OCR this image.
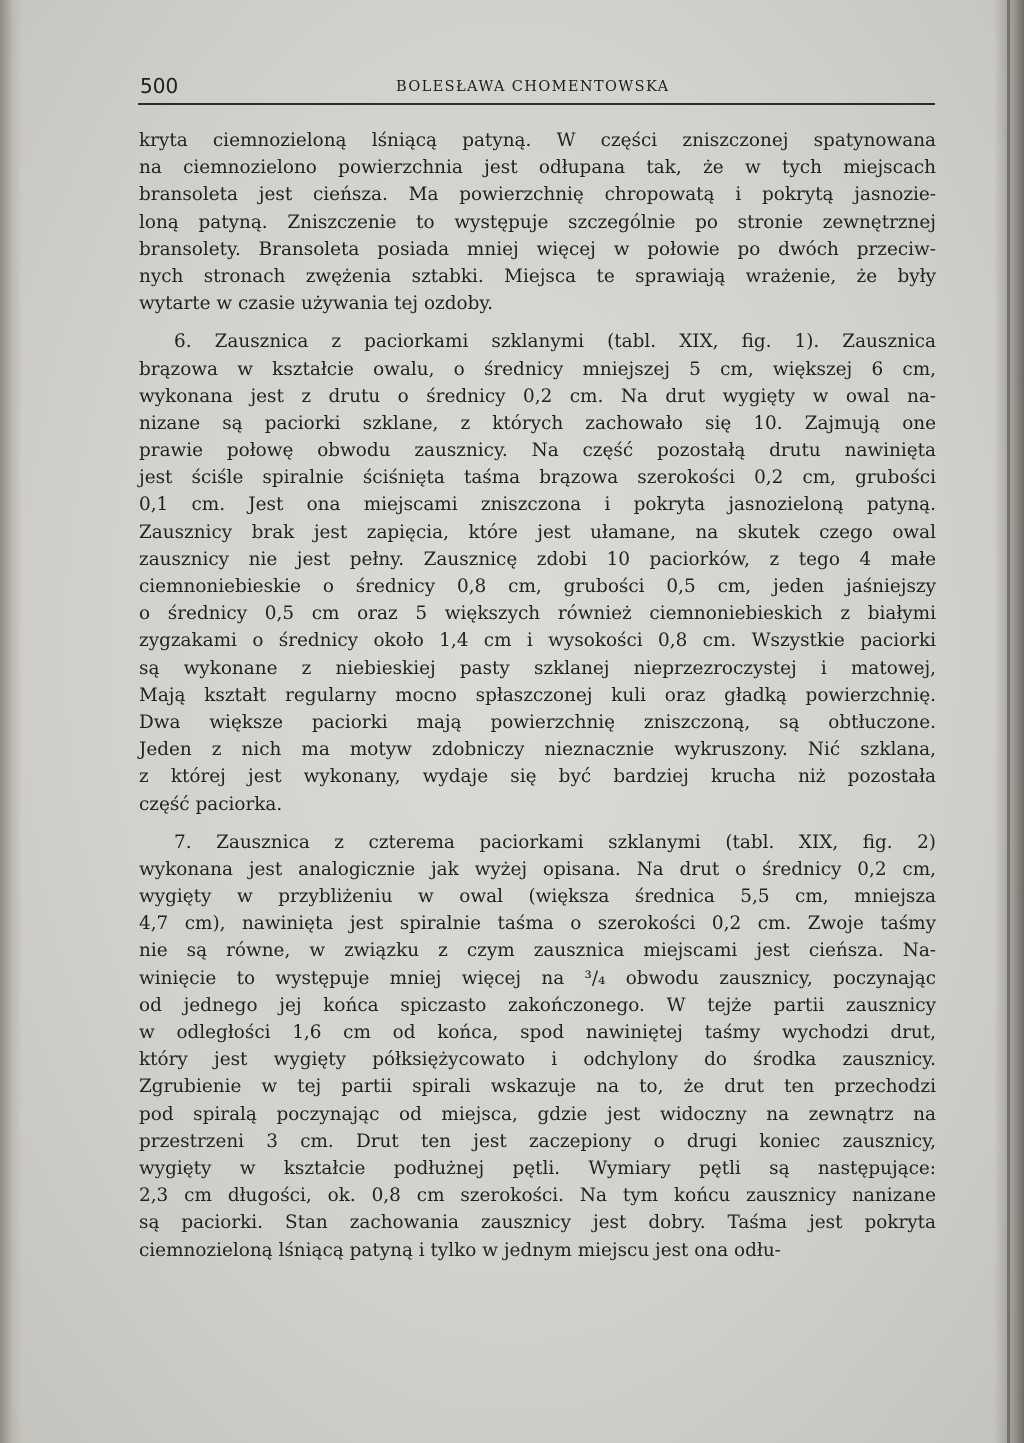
500	BOLESŁAWA CHOMENTOWSKA
kryta ciemnozieloną lśniącą patyną. W części zniszczonej spatynowana
na ciemnozielono powierzchnia jest odłupana tak, że w tych miejscach
bransoleta jest cieńsza. Ma powierzchnię chropowatą i pokrytą jasnozie-
loną patyną. Zniszczenie to występuje szczególnie po stronie zewnętrznej
bransolety. Bransoleta posiada mniej więcej w połowie po dwóch przeciw-
nych stronach zwężenia sztabki. Miejsca te sprawiają wrażenie, że były
wytarte w czasie używania tej ozdoby.
6. Zausznica z paciorkami szklanymi (tabl. XIX, fig. 1). Zausznica
brązowa w kształcie owalu, o średnicy mniejszej 5 cm, większej 6 cm,
wykonana jest z drutu o średnicy 0,2 cm. Na drut wygięty w owal na-
nizane są paciorki szklane, z których zachowało się 10. Zajmują one
prawie połowę obwodu zausznicy. Na część pozostałą drutu nawinięta
jest ściśle spiralnie ściśnięta taśma brązowa szerokości 0,2 cm, grubości
0,1 cm. Jest ona miejscami zniszczona i pokryta jasnozieloną patyną.
Zausznicy brak jest zapięcia, które jest ułamane, na skutek czego owal
zausznicy nie jest pełny. Zausznicę zdobi 10 paciorków, z tego 4 małe
ciemnoniebieskie o średnicy 0,8 cm, grubości 0,5 cm, jeden jaśniejszy
o średnicy 0,5 cm oraz 5 większych również ciemnoniebieskich z białymi
zygzakami o średnicy około 1,4 cm i wysokości 0,8 cm. Wszystkie paciorki
są wykonane z niebieskiej pasty szklanej nieprzezroczystej i matowej,
Mają kształt regularny mocno spłaszczonej kuli oraz gładką powierzchnię.
Dwa większe paciorki mają powierzchnię zniszczoną, są obtłuczone.
Jeden z nich ma motyw zdobniczy nieznacznie wykruszony. Nić szklana,
z której jest wykonany, wydaje się być bardziej krucha niż pozostała
część paciorka.
7. Zausznica z czterema paciorkami szklanymi (tabl. XIX, fig. 2)
wykonana jest analogicznie jak wyżej opisana. Na drut o średnicy 0,2 cm,
wygięty w przybliżeniu w owal (większa średnica 5,5 cm, mniejsza
4,7 cm), nawinięta jest spiralnie taśma o szerokości 0,2 cm. Zwoje taśmy
nie są równe, w związku z czym zausznica miejscami jest cieńsza. Na-
winięcie to występuje mniej więcej na ³/₄ obwodu zausznicy, poczynając
od jednego jej końca spiczasto zakończonego. W tejże partii zausznicy
w odległości 1,6 cm od końca, spod nawiniętej taśmy wychodzi drut,
który jest wygięty półksiężycowato i odchylony do środka zausznicy.
Zgrubienie w tej partii spirali wskazuje na to, że drut ten przechodzi
pod spiralą poczynając od miejsca, gdzie jest widoczny na zewnątrz na
przestrzeni 3 cm. Drut ten jest zaczepiony o drugi koniec zausznicy,
wygięty w kształcie podłużnej pętli. Wymiary pętli są następujące:
2,3 cm długości, ok. 0,8 cm szerokości. Na tym końcu zausznicy nanizane
są paciorki. Stan zachowania zausznicy jest dobry. Taśma jest pokryta
ciemnozieloną lśniącą patyną i tylko w jednym miejscu jest ona odłu-
